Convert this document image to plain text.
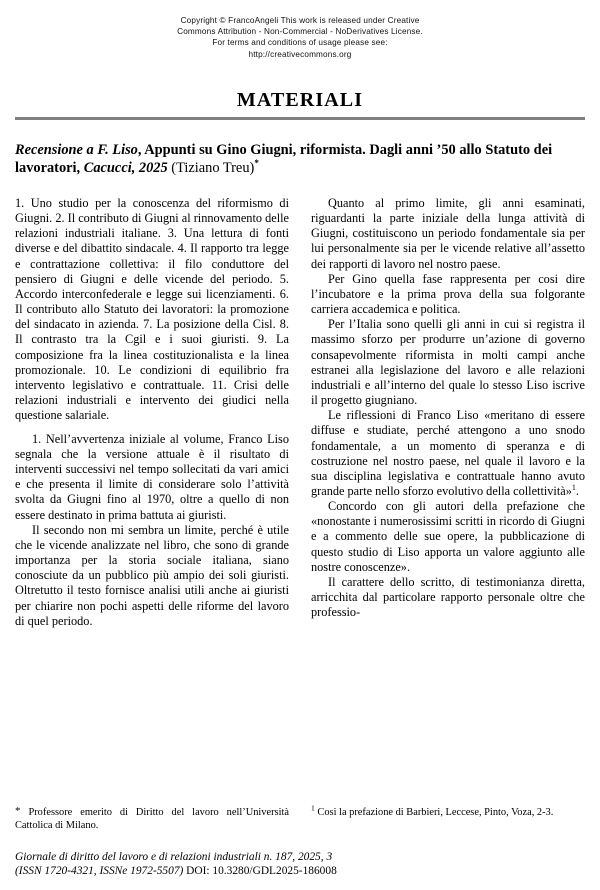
Copyright © FrancoAngeli This work is released under Creative
Commons Attribution - Non-Commercial - NoDerivatives License.
For terms and conditions of usage please see:
http://creativecommons.org
MATERIALI
Recensione a F. Liso, Appunti su Gino Giugni, riformista. Dagli anni ’50 allo Statuto dei lavoratori, Cacucci, 2025 (Tiziano Treu)*

1. Uno studio per la conoscenza del riformismo di Giugni. 2. Il contributo di Giugni al rinnovamento delle relazioni industriali italiane. 3. Una lettura di fonti diverse e del dibattito sindacale. 4. Il rapporto tra legge e contrattazione collettiva: il filo conduttore del pensiero di Giugni e delle vicende del periodo. 5. Accordo interconfederale e legge sui licenziamenti. 6. Il contributo allo Statuto dei lavoratori: la promozione del sindacato in azienda. 7. La posizione della Cisl. 8. Il contrasto tra la Cgil e i suoi giuristi. 9. La composizione fra la linea costituzionalista e la linea promozionale. 10. Le condizioni di equilibrio fra intervento legislativo e contrattuale. 11. Crisi delle relazioni industriali e intervento dei giudici nella questione salariale.

1. Nell’avvertenza iniziale al volume, Franco Liso segnala che la versione attuale è il risultato di interventi successivi nel tempo sollecitati da vari amici e che presenta il limite di considerare solo l’attività svolta da Giugni fino al 1970, oltre a quello di non essere destinato in prima battuta ai giuristi.

Il secondo non mi sembra un limite, perché è utile che le vicende analizzate nel libro, che sono di grande importanza per la storia sociale italiana, siano conosciute da un pubblico più ampio dei soli giuristi. Oltretutto il testo fornisce analisi utili anche ai giuristi per chiarire non pochi aspetti delle riforme del lavoro di quel periodo.

Quanto al primo limite, gli anni esaminati, riguardanti la parte iniziale della lunga attività di Giugni, costituiscono un periodo fondamentale sia per lui personalmente sia per le vicende relative all’assetto dei rapporti di lavoro nel nostro paese.

Per Gino quella fase rappresenta per cosi dire l’incubatore e la prima prova della sua folgorante carriera accademica e politica.

Per l’Italia sono quelli gli anni in cui si registra il massimo sforzo per produrre un’azione di governo consapevolmente riformista in molti campi anche estranei alla legislazione del lavoro e alle relazioni industriali e all’interno del quale lo stesso Liso iscrive il progetto giugniano.

Le riflessioni di Franco Liso «meritano di essere diffuse e studiate, perché attengono a uno snodo fondamentale, a un momento di speranza e di costruzione nel nostro paese, nel quale il lavoro e la sua disciplina legislativa e contrattuale hanno avuto grande parte nello sforzo evolutivo della collettività»$^1$.

Concordo con gli autori della prefazione che «nonostante i numerosissimi scritti in ricordo di Giugni e a commento delle sue opere, la pubblicazione di questo studio di Liso apporta un valore aggiunto alle nostre conoscenze».

Il carattere dello scritto, di testimonianza diretta, arricchita dal particolare rapporto personale oltre che professio-

* Professore emerito di Diritto del lavoro nell’Università Cattolica di Milano.

$^1$ Cosi la prefazione di Barbieri, Leccese, Pinto, Voza, 2-3.

Giornale di diritto del lavoro e di relazioni industriali n. 187, 2025, 3
(ISSN 1720-4321, ISSNe 1972-5507) DOI: 10.3280/GDL2025-186008
